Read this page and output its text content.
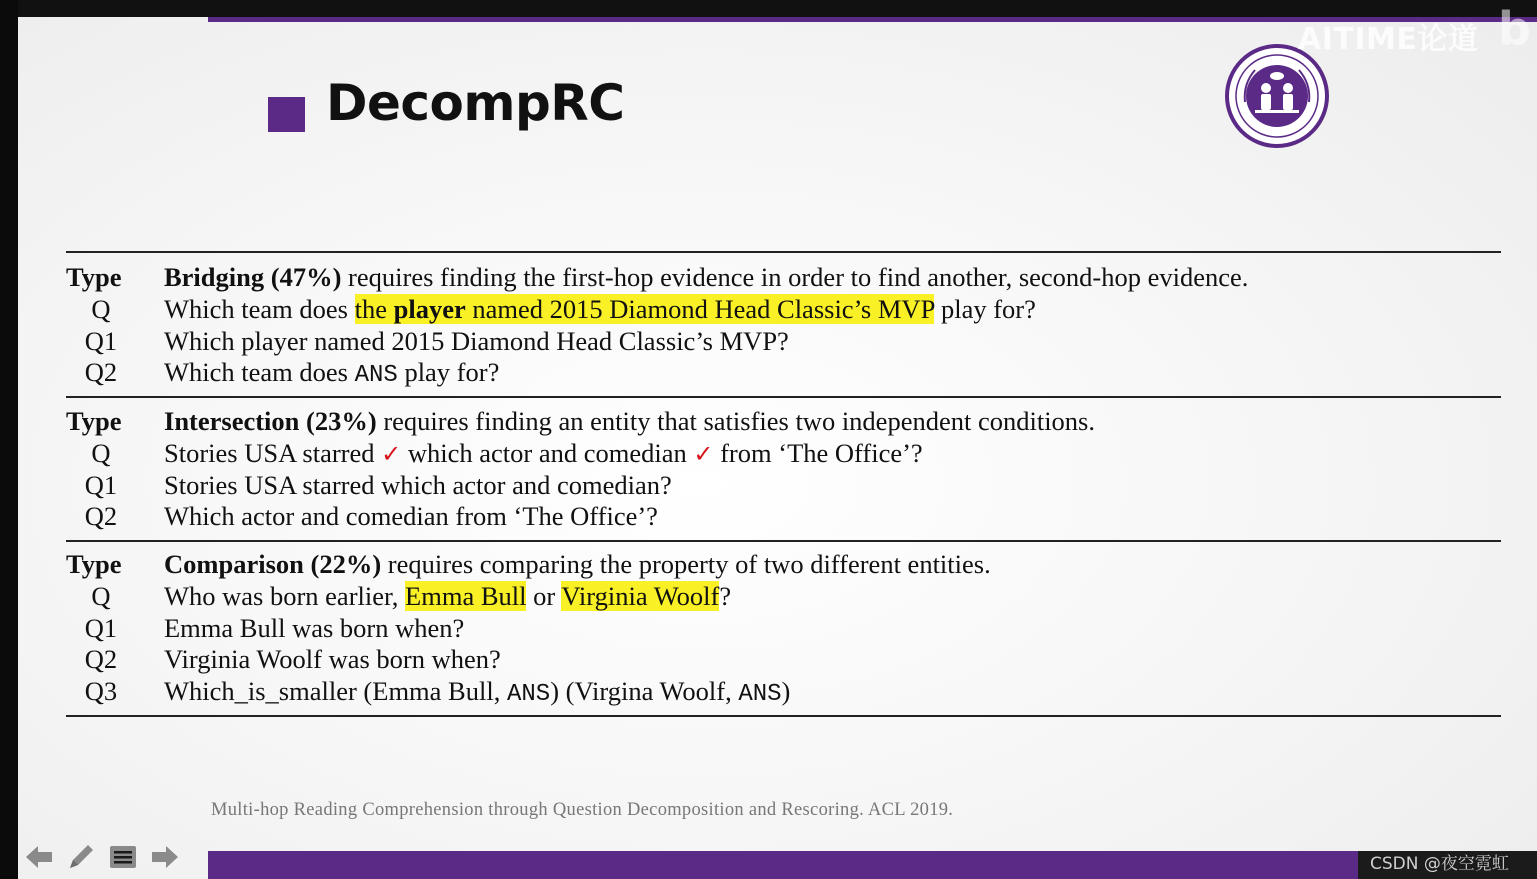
DecompRC
Type Bridging (47%) requires finding the first-hop evidence in order to find another, second-hop evidence.
Q	Which team does the player named 2015 Diamond Head Classic’s MVP play for?
Q1	Which player named 2015 Diamond Head Classic’s MVP?
Q2	Which team does ANS play for?
Type Intersection (23%) requires finding an entity that satisfies two independent conditions.
Q	Stories USA starred ✓ which actor and comedian ✓ from ‘The Office’?
Q1	Stories USA starred which actor and comedian?
Q2	Which actor and comedian from ‘The Office’?
Type Comparison (22%) requires comparing the property of two different entities.
Q	Who was born earlier, Emma Bull or Virginia Woolf?
Q1	Emma Bull was born when?
Q2	Virginia Woolf was born when?
Q3	Which_is_smaller (Emma Bull, ANS) (Virgina Woolf, ANS)
Multi-hop Reading Comprehension through Question Decomposition and Rescoring. ACL 2019.
AITIME论道 b
CSDN @夜空霓虹
